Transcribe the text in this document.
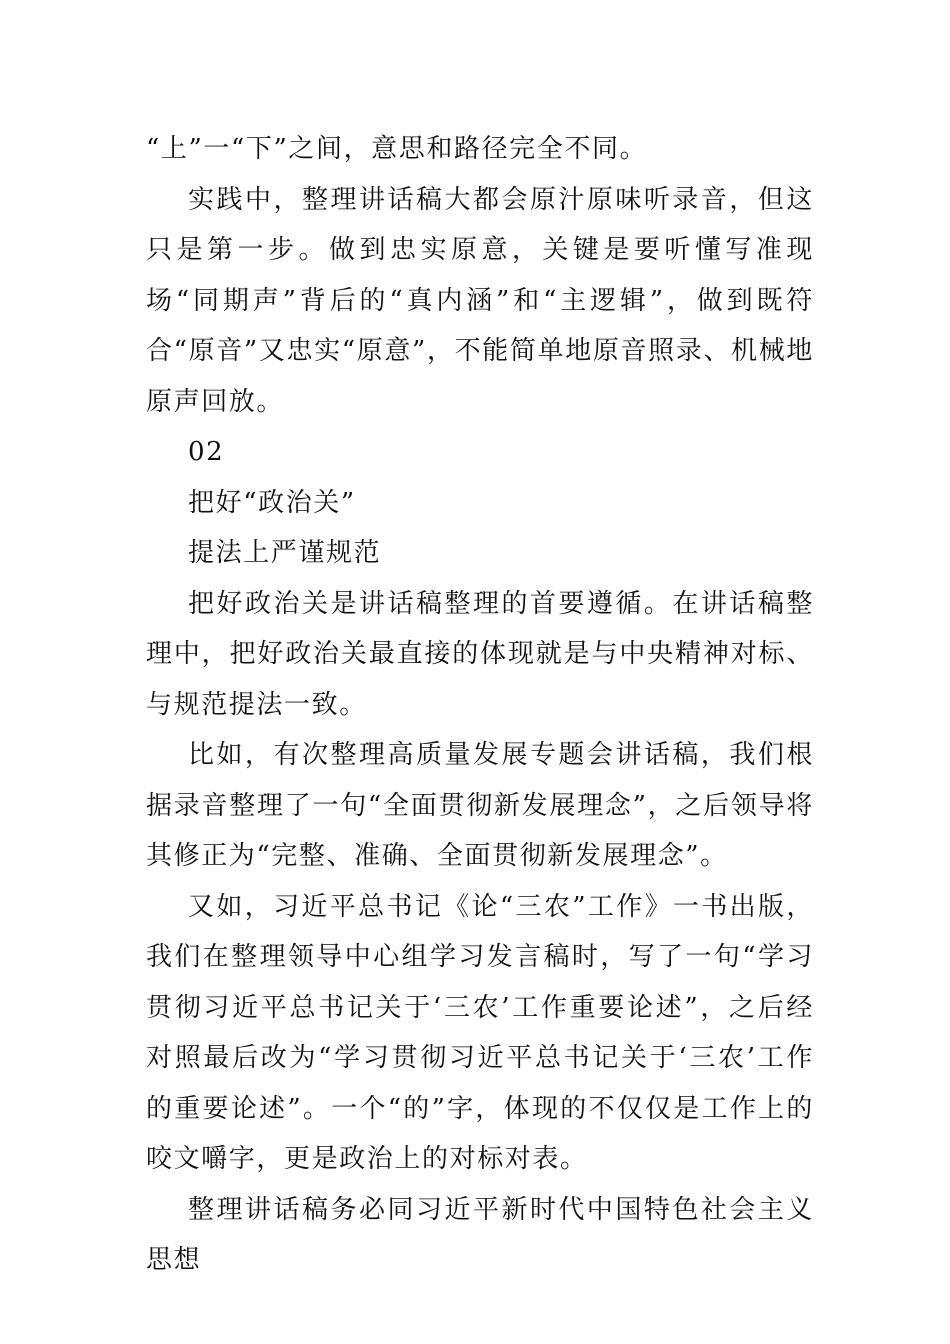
“上”一“下”之间，意思和路径完全不同。

实践中，整理讲话稿大都会原汁原味听录音，但这只是第一步。做到忠实原意，关键是要听懂写准现场“同期声”背后的“真内涵”和“主逻辑”，做到既符合“原音”又忠实“原意”，不能简单地原音照录、机械地原声回放。

02

把好“政治关”

提法上严谨规范

把好政治关是讲话稿整理的首要遵循。在讲话稿整理中，把好政治关最直接的体现就是与中央精神对标、与规范提法一致。

比如，有次整理高质量发展专题会讲话稿，我们根据录音整理了一句“全面贯彻新发展理念”，之后领导将其修正为“完整、准确、全面贯彻新发展理念”。

又如，习近平总书记《论“三农”工作》一书出版，我们在整理领导中心组学习发言稿时，写了一句“学习贯彻习近平总书记关于‘三农’工作重要论述”，之后经对照最后改为“学习贯彻习近平总书记关于‘三农’工作的重要论述”。一个“的”字，体现的不仅仅是工作上的咬文嚼字，更是政治上的对标对表。

整理讲话稿务必同习近平新时代中国特色社会主义思想
